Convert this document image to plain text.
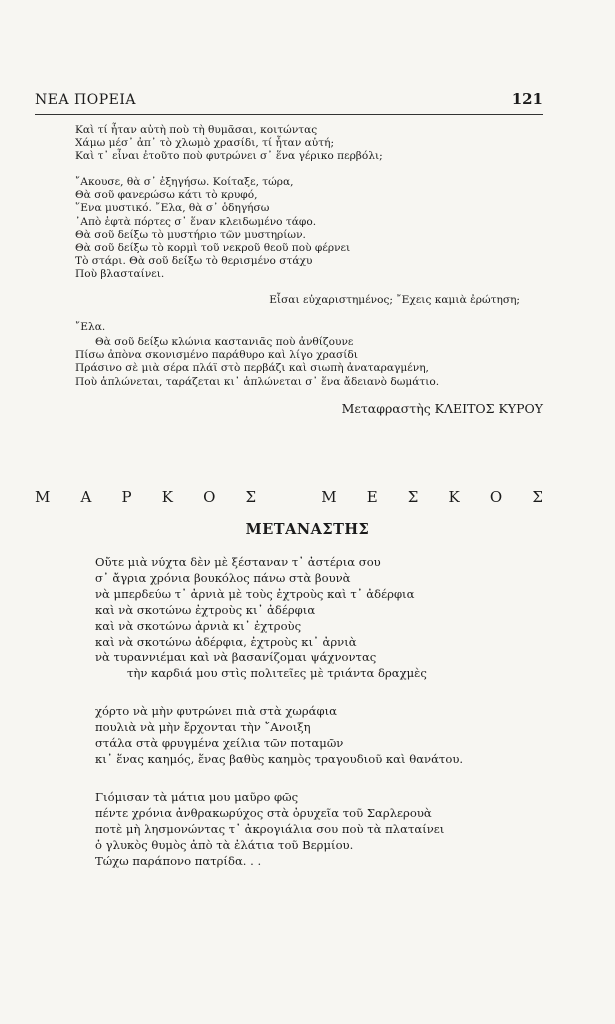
ΝΕΑ ΠΟΡΕΙΑ	121
Καὶ τί ἦταν αὐτὴ ποὺ τὴ θυμᾶσαι, κοιτώντας
Χάμω μέσ᾽ ἀπ᾽ τὸ χλωμὸ χρασίδι, τί ἦταν αὐτή;
Καὶ τ᾽ εἶναι ἐτοῦτο ποὺ φυτρώνει σ᾽ ἕνα γέρικο περβόλι;
῎Ακουσε, θὰ σ᾽ ἐξηγήσω. Κοίταξε, τώρα,
Θὰ σοῦ φανερώσω κάτι τὸ κρυφό,
῞Ενα μυστικό. ῎Ελα, θὰ σ᾽ ὁδηγήσω
᾽Απὸ ἑφτὰ πόρτες σ᾽ ἕναν κλειδωμένο τάφο.
Θὰ σοῦ δείξω τὸ μυστήριο τῶν μυστηρίων.
Θὰ σοῦ δείξω τὸ κορμὶ τοῦ νεκροῦ θεοῦ ποὺ φέρνει
Τὸ στάρι. Θὰ σοῦ δείξω τὸ θερισμένο στάχυ
Ποὺ βλασταίνει.
Εἶσαι εὐχαριστημένος; ῎Εχεις καμιὰ ἐρώτηση;
῎Ελα.
Θὰ σοῦ δείξω κλώνια καστανιᾶς ποὺ ἀνθίζουνε
Πίσω ἀπὸνα σκονισμένο παράθυρο καὶ λίγο χρασίδι
Πράσινο σὲ μιὰ σέρα πλάϊ στὸ περβάζι καὶ σιωπὴ ἀναταραγμένη,
Ποὺ ἁπλώνεται, ταράζεται κι᾽ ἁπλώνεται σ᾽ ἕνα ἄδειανὸ δωμάτιο.
Μεταφραστὴς ΚΛΕΙΤΟΣ ΚΥΡΟΥ
Μ Α Ρ Κ Ο Σ
	Μ Ε Σ Κ Ο Σ
ΜΕΤΑΝΑΣΤΗΣ
Οὔτε μιὰ νύχτα δὲν μὲ ξέσταναν τ᾽ ἀστέρια σου
σ᾽ ἄγρια χρόνια βουκόλος πάνω στὰ βουνὰ
νὰ μπερδεύω τ᾽ ἀρνιὰ μὲ τοὺς ἐχτροὺς καὶ τ᾽ ἀδέρφια
καὶ νὰ σκοτώνω ἐχτροὺς κι᾽ ἀδέρφια
καὶ νὰ σκοτώνω ἀρνιὰ κι᾽ ἐχτροὺς
καὶ νὰ σκοτώνω ἀδέρφια, ἐχτροὺς κι᾽ ἀρνιὰ
νὰ τυραννιέμαι καὶ νὰ βασανίζομαι ψάχνοντας
τὴν καρδιά μου στὶς πολιτεῖες μὲ τριάντα δραχμὲς
χόρτο νὰ μὴν φυτρώνει πιὰ στὰ χωράφια
πουλιὰ νὰ μὴν ἔρχονται τὴν ῎Ανοιξη
στάλα στὰ φρυγμένα χείλια τῶν ποταμῶν
κι᾽ ἕνας καημός, ἕνας βαθὺς καημὸς τραγουδιοῦ καὶ θανάτου.
Γιόμισαν τὰ μάτια μου μαῦρο φῶς
πέντε χρόνια ἀνθρακωρύχος στὰ ὀρυχεῖα τοῦ Σαρλερουὰ
ποτὲ μὴ λησμονώντας τ᾽ ἀκρογιάλια σου ποὺ τὰ πλαταίνει
ὁ γλυκὸς θυμὸς ἀπὸ τὰ ἐλάτια τοῦ Βερμίου.
Τώχω παράπονο πατρίδα. . .
